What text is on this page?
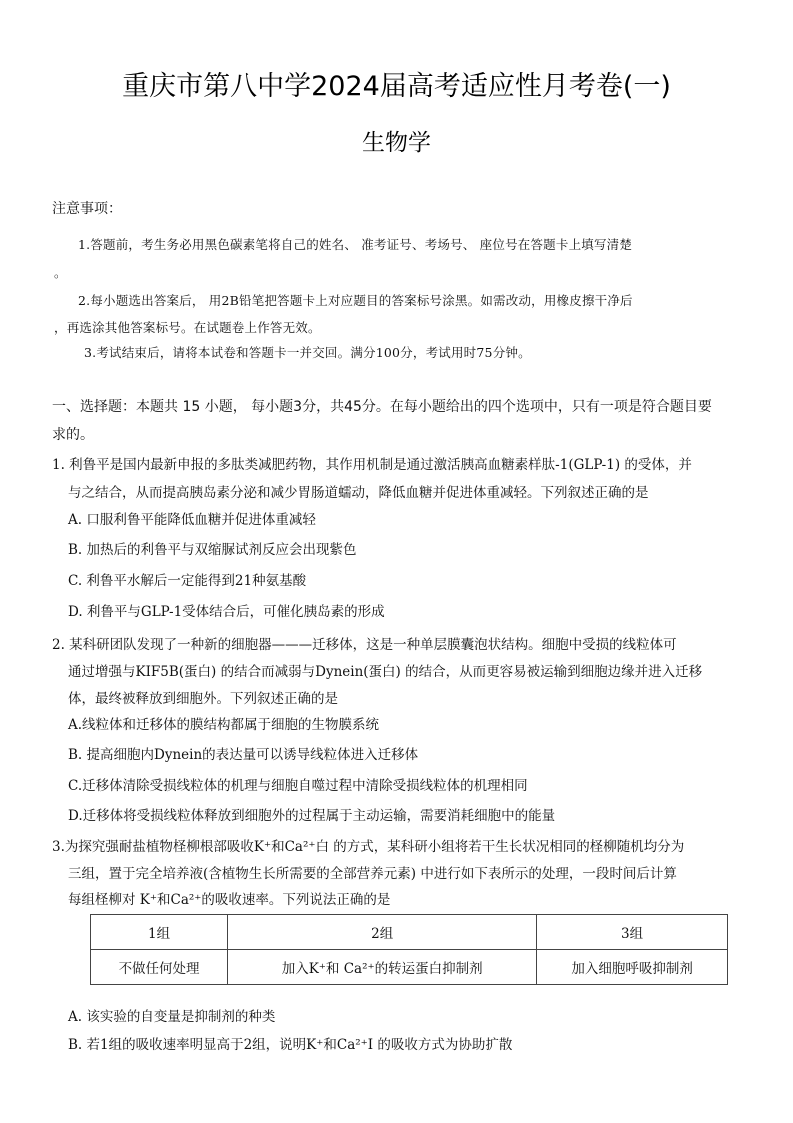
重庆市第八中学2024届高考适应性月考卷(一)
生物学
注意事项：
1.答题前，考生务必用黑色碳素笔将自己的姓名、 准考证号、考场号、 座位号在答题卡上填写清楚
。
2.每小题选出答案后， 用2B铅笔把答题卡上对应题目的答案标号涂黑。如需改动，用橡皮擦干净后
，再选涂其他答案标号。在试题卷上作答无效。
3.考试结束后，请将本试卷和答题卡一并交回。满分100分，考试用时75分钟。
一、选择题：本题共 15 小题， 每小题3分，共45分。在每小题给出的四个选项中，只有一项是符合题目要
求的。
1. 利鲁平是国内最新申报的多肽类减肥药物，其作用机制是通过激活胰高血糖素样肽-1(GLP-1) 的受体，并
与之结合，从而提高胰岛素分泌和减少胃肠道蠕动，降低血糖并促进体重减轻。下列叙述正确的是
A. 口服利鲁平能降低血糖并促进体重减轻
B. 加热后的利鲁平与双缩脲试剂反应会出现紫色
C. 利鲁平水解后一定能得到21种氨基酸
D. 利鲁平与GLP-1受体结合后，可催化胰岛素的形成
2. 某科研团队发现了一种新的细胞器———迁移体，这是一种单层膜囊泡状结构。细胞中受损的线粒体可
通过增强与KIF5B(蛋白) 的结合而减弱与Dynein(蛋白) 的结合，从而更容易被运输到细胞边缘并进入迁移
体，最终被释放到细胞外。下列叙述正确的是
A.线粒体和迁移体的膜结构都属于细胞的生物膜系统
B. 提高细胞内Dynein的表达量可以诱导线粒体进入迁移体
C.迁移体清除受损线粒体的机理与细胞自噬过程中清除受损线粒体的机理相同
D.迁移体将受损线粒体释放到细胞外的过程属于主动运输，需要消耗细胞中的能量
3.为探究强耐盐植物柽柳根部吸收K⁺和Ca²⁺白 的方式，某科研小组将若干生长状况相同的柽柳随机均分为
三组，置于完全培养液(含植物生长所需要的全部营养元素) 中进行如下表所示的处理，一段时间后计算
每组柽柳对 K⁺和Ca²⁺的吸收速率。下列说法正确的是
1组	2组	3组
不做任何处理	加入K⁺和 Ca²⁺的转运蛋白抑制剂	加入细胞呼吸抑制剂
A. 该实验的自变量是抑制剂的种类
B. 若1组的吸收速率明显高于2组，说明K⁺和Ca²⁺I 的吸收方式为协助扩散
